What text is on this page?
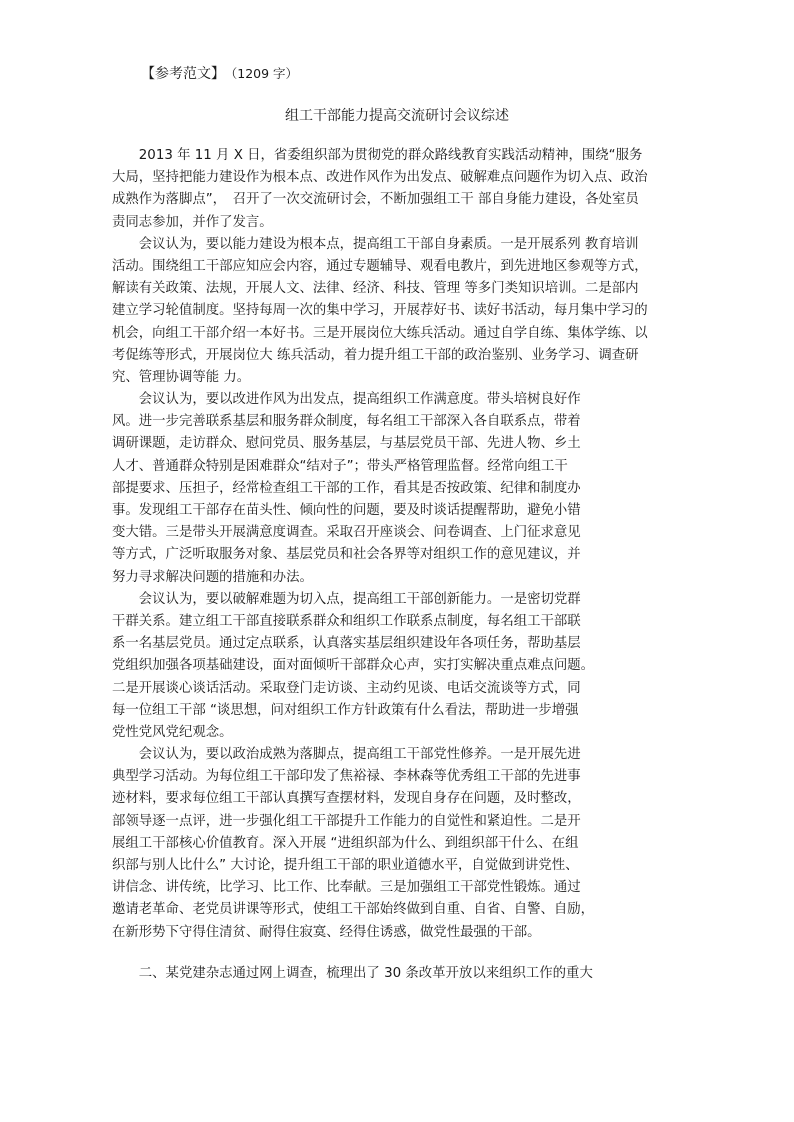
【参考范文】 （1209 字）
组工干部能力提高交流研讨会议综述
　　2013 年 11 月 X 日，省委组织部为贯彻党的群众路线教育实践活动精神，围绕“服务
大局，坚持把能力建设作为根本点、改进作风作为出发点、破解难点问题作为切入点、政治
成熟作为落脚点”，　召开了一次交流研讨会，不断加强组工干 部自身能力建设，各处室员
责同志参加，并作了发言。
　　会议认为，要以能力建设为根本点，提高组工干部自身素质。一是开展系列 教育培训
活动。围绕组工干部应知应会内容，通过专题辅导、观看电教片，到先进地区参观等方式，
解读有关政策、法规，开展人文、法律、经济、科技、管理 等多门类知识培训。二是部内
建立学习轮值制度。坚持每周一次的集中学习，开展荐好书、读好书活动，每月集中学习的
机会，向组工干部介绍一本好书。三是开展岗位大练兵活动。通过自学自练、集体学练、以
考促练等形式，开展岗位大 练兵活动，着力提升组工干部的政治鉴别、业务学习、调查研
究、管理协调等能 力。
　　会议认为，要以改进作风为出发点，提高组织工作满意度。带头培树良好作
风。进一步完善联系基层和服务群众制度，每名组工干部深入各自联系点，带着
调研课题，走访群众、慰问党员、服务基层，与基层党员干部、先进人物、乡土
人才、普通群众特别是困难群众“结对子”；带头严格管理监督。经常向组工干
部提要求、压担子，经常检查组工干部的工作，看其是否按政策、纪律和制度办
事。发现组工干部存在苗头性、倾向性的问题，要及时谈话提醒帮助，避免小错
变大错。三是带头开展满意度调查。采取召开座谈会、问卷调查、上门征求意见
等方式，广泛听取服务对象、基层党员和社会各界等对组织工作的意见建议，并
努力寻求解决问题的措施和办法。
　　会议认为，要以破解难题为切入点，提高组工干部创新能力。一是密切党群
干群关系。建立组工干部直接联系群众和组织工作联系点制度，每名组工干部联
系一名基层党员。通过定点联系，认真落实基层组织建设年各项任务，帮助基层
党组织加强各项基础建设，面对面倾听干部群众心声，实打实解决重点难点问题。
二是开展谈心谈话活动。采取登门走访谈、主动约见谈、电话交流谈等方式，同
每一位组工干部 “谈思想，问对组织工作方针政策有什么看法，帮助进一步增强
党性党风党纪观念。
　　会议认为，要以政治成熟为落脚点，提高组工干部党性修养。一是开展先进
典型学习活动。为每位组工干部印发了焦裕禄、李林森等优秀组工干部的先进事
迹材料，要求每位组工干部认真撰写查摆材料，发现自身存在问题，及时整改，
部领导逐一点评，进一步强化组工干部提升工作能力的自觉性和紧迫性。二是开
展组工干部核心价值教育。深入开展 “进组织部为什么、到组织部干什么、在组
织部与别人比什么” 大讨论，提升组工干部的职业道德水平，自觉做到讲党性、
讲信念、讲传统，比学习、比工作、比奉献。三是加强组工干部党性锻炼。通过
邀请老革命、老党员讲课等形式，使组工干部始终做到自重、自省、自警、自励，
在新形势下守得住清贫、耐得住寂寞、经得住诱惑，做党性最强的干部。
　　二、某党建杂志通过网上调查，梳理出了 30 条改革开放以来组织工作的重大
